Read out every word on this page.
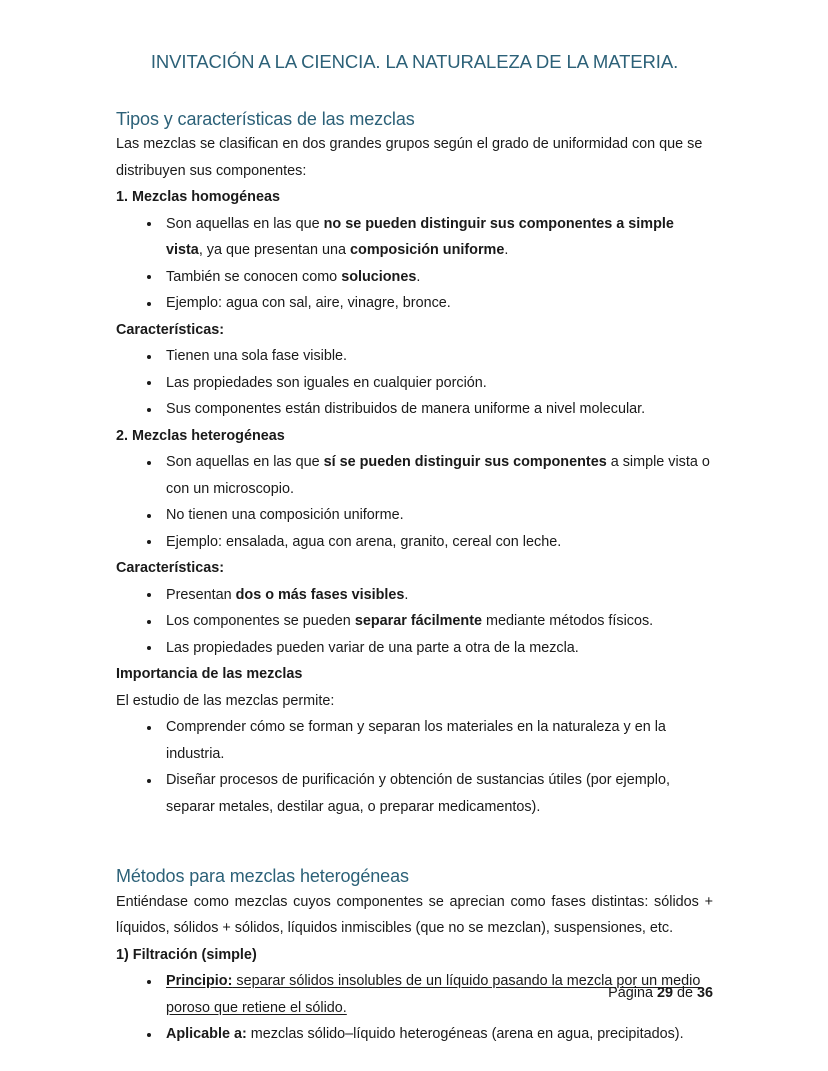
INVITACIÓN A LA CIENCIA. LA NATURALEZA DE LA MATERIA.
Tipos y características de las mezclas

Las mezclas se clasifican en dos grandes grupos según el grado de uniformidad con que se distribuyen sus componentes:

1. Mezclas homogéneas

Son aquellas en las que no se pueden distinguir sus componentes a simple vista, ya que presentan una composición uniforme.
También se conocen como soluciones.
Ejemplo: agua con sal, aire, vinagre, bronce.

Características:

Tienen una sola fase visible.
Las propiedades son iguales en cualquier porción.
Sus componentes están distribuidos de manera uniforme a nivel molecular.

2. Mezclas heterogéneas

Son aquellas en las que sí se pueden distinguir sus componentes a simple vista o con un microscopio.
No tienen una composición uniforme.
Ejemplo: ensalada, agua con arena, granito, cereal con leche.

Características:

Presentan dos o más fases visibles.
Los componentes se pueden separar fácilmente mediante métodos físicos.
Las propiedades pueden variar de una parte a otra de la mezcla.

Importancia de las mezclas

El estudio de las mezclas permite:

Comprender cómo se forman y separan los materiales en la naturaleza y en la industria.
Diseñar procesos de purificación y obtención de sustancias útiles (por ejemplo, separar metales, destilar agua, o preparar medicamentos).
Métodos para mezclas heterogéneas

Entiéndase como mezclas cuyos componentes se aprecian como fases distintas: sólidos + líquidos, sólidos + sólidos, líquidos inmiscibles (que no se mezclan), suspensiones, etc.

1) Filtración (simple)

Principio: separar sólidos insolubles de un líquido pasando la mezcla por un medio poroso que retiene el sólido.
Aplicable a: mezclas sólido–líquido heterogéneas (arena en agua, precipitados).
Página 29 de 36
